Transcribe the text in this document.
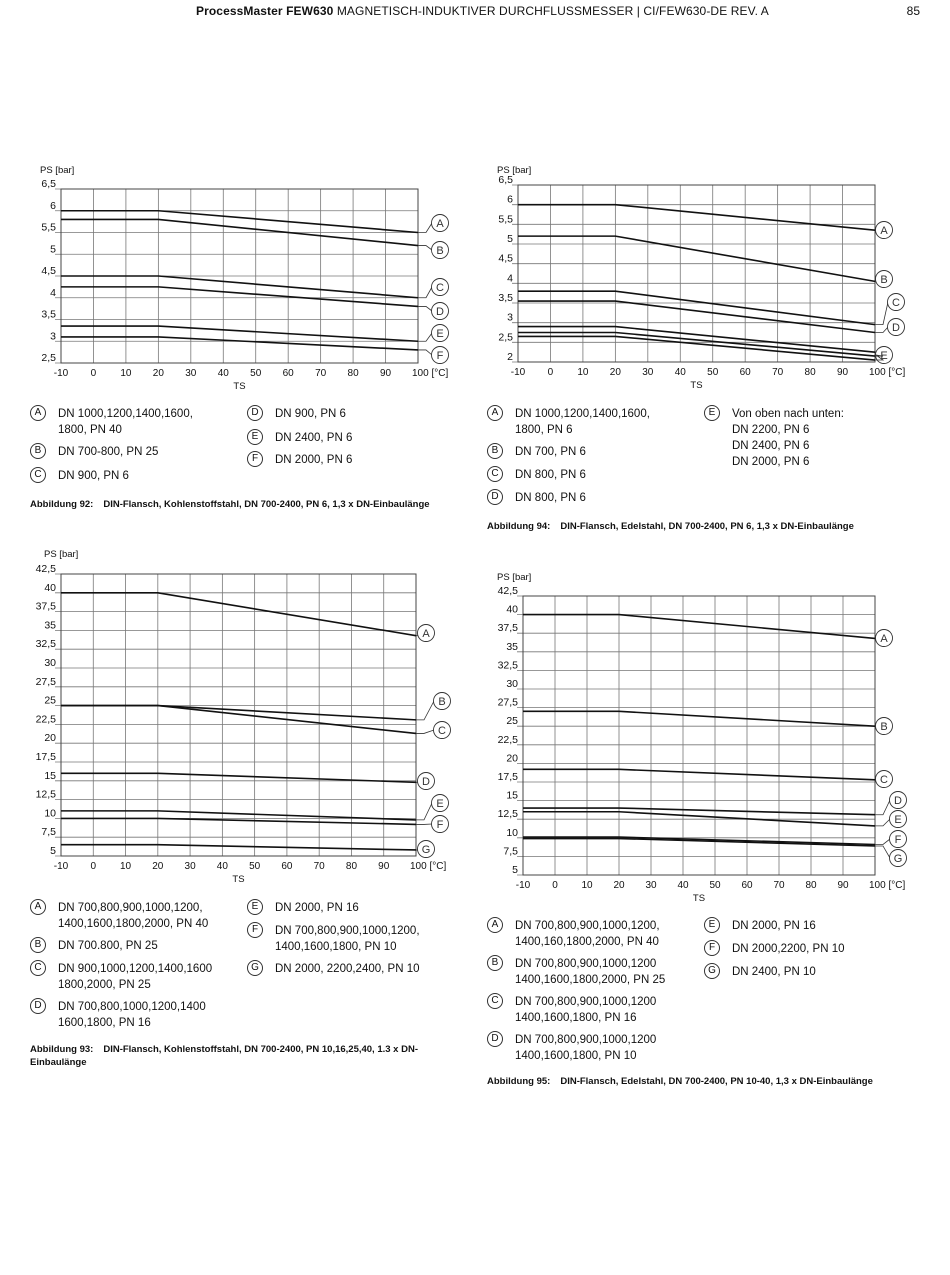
ProcessMaster FEW630 MAGNETISCH-INDUKTIVER DURCHFLUSSMESSER | CI/FEW630-DE REV. A	85
-10 0 10 20 30 40 50 60 70 80 90 100 [°C]
6,5
6
5,5
5
4,5
4
3,5
3
2,5
PS [bar]
TS
A
B
C
D
E
F
A	DN 1000,1200,1400,1600,
1800, PN 40
B	DN 700-800, PN 25
C	DN 900, PN 6
D	DN 900, PN 6
E	DN 2400, PN 6
F	DN 2000, PN 6
Abbildung 92: DIN-Flansch, Kohlenstoffstahl, DN 700-2400, PN 6, 1,3 x DN-Einbaulänge
-10 0 10 20 30 40 50 60 70 80 90 100 [°C]
6,5
6
5,5
5
4,5
4
3,5
3
2,5
2
PS [bar]
TS
A
B
C
D
E
A	DN 1000,1200,1400,1600,
1800, PN 6
B	DN 700, PN 6
C	DN 800, PN 6
D	DN 800, PN 6
E	Von oben nach unten:
DN 2200, PN 6
DN 2400, PN 6
DN 2000, PN 6
Abbildung 94: DIN-Flansch, Edelstahl, DN 700-2400, PN 6, 1,3 x DN-Einbaulänge
-10 0 10 20 30 40 50 60 70 80 90 100 [°C]
42,5
40
37,5
35
32,5
30
27,5
25
22,5
20
17,5
15
12,5
10
7,5
5
PS [bar]
TS
A
B
C
D
E
F
G
A	DN 700,800,900,1000,1200,
1400,1600,1800,2000, PN 40
B	DN 700.800, PN 25
C	DN 900,1000,1200,1400,1600
1800,2000, PN 25
D	DN 700,800,1000,1200,1400
1600,1800, PN 16
E	DN 2000, PN 16
F	DN 700,800,900,1000,1200,
1400,1600,1800, PN 10
G	DN 2000, 2200,2400, PN 10
Abbildung 93: DIN-Flansch, Kohlenstoffstahl, DN 700-2400, PN 10,16,25,40, 1.3 x DN-
Einbaulänge
-10 0 10 20 30 40 50 60 70 80 90 100 [°C]
42,5
40
37,5
35
32,5
30
27,5
25
22,5
20
17,5
15
12,5
10
7,5
5
PS [bar]
TS
A
B
C
D
E
F
G
A	DN 700,800,900,1000,1200,
1400,160,1800,2000, PN 40
B	DN 700,800,900,1000,1200
1400,1600,1800,2000, PN 25
C	DN 700,800,900,1000,1200
1400,1600,1800, PN 16
D	DN 700,800,900,1000,1200
1400,1600,1800, PN 10
E	DN 2000, PN 16
F	DN 2000,2200, PN 10
G	DN 2400, PN 10
Abbildung 95: DIN-Flansch, Edelstahl, DN 700-2400, PN 10-40, 1,3 x DN-Einbaulänge
